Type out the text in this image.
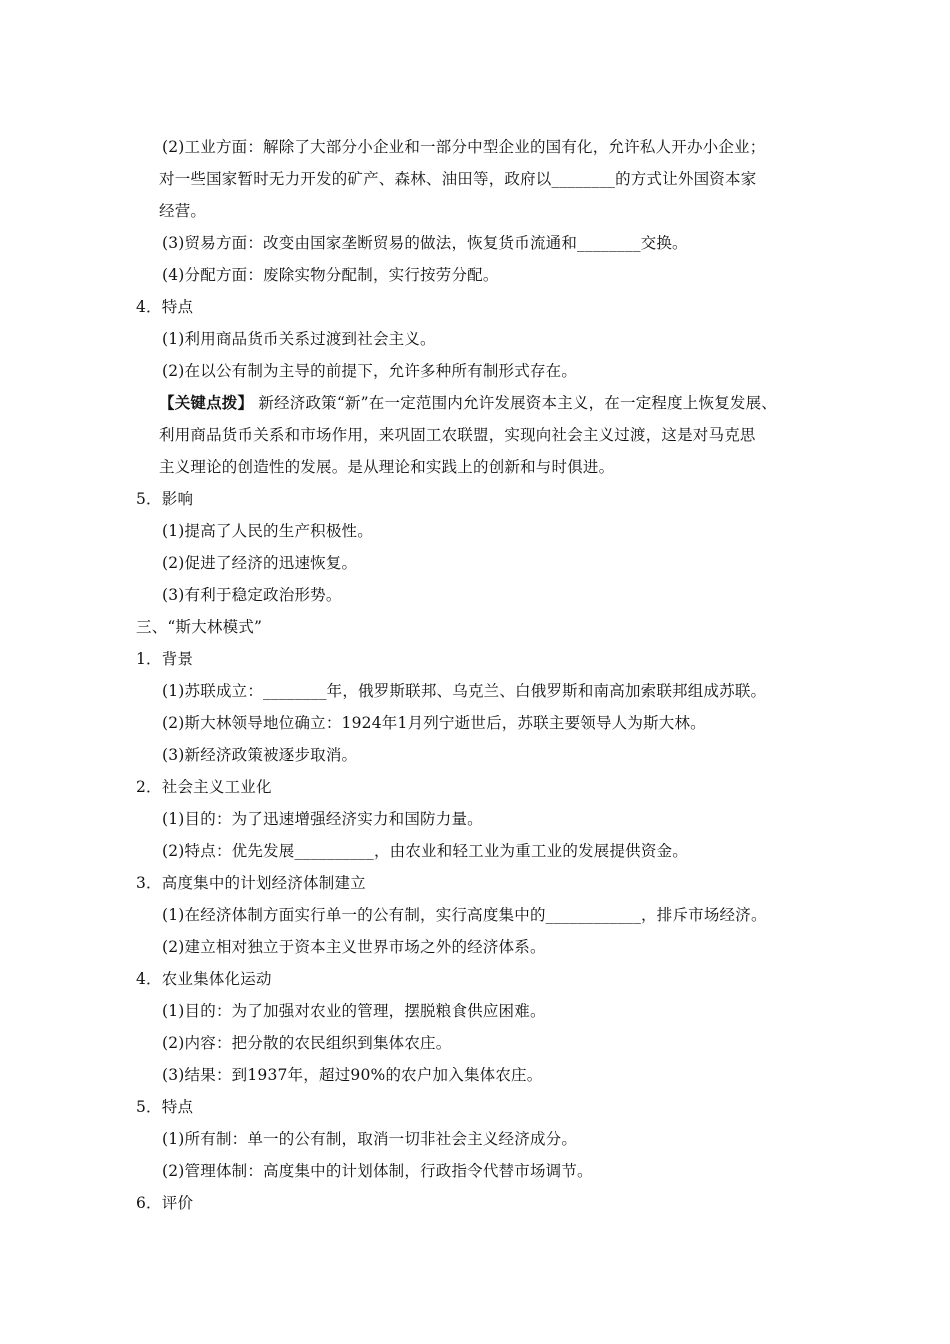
(2)工业方面：解除了大部分小企业和一部分中型企业的国有化，允许私人开办小企业；
对一些国家暂时无力开发的矿产、森林、油田等，政府以________的方式让外国资本家
经营。
(3)贸易方面：改变由国家垄断贸易的做法，恢复货币流通和________交换。
(4)分配方面：废除实物分配制，实行按劳分配。
4．特点
(1)利用商品货币关系过渡到社会主义。
(2)在以公有制为主导的前提下，允许多种所有制形式存在。
【关键点拨】 新经济政策“新”在一定范围内允许发展资本主义，在一定程度上恢复发展、
利用商品货币关系和市场作用，来巩固工农联盟，实现向社会主义过渡，这是对马克思
主义理论的创造性的发展。是从理论和实践上的创新和与时俱进。
5．影响
(1)提高了人民的生产积极性。
(2)促进了经济的迅速恢复。
(3)有利于稳定政治形势。
三、“斯大林模式”
1．背景
(1)苏联成立：________年，俄罗斯联邦、乌克兰、白俄罗斯和南高加索联邦组成苏联。
(2)斯大林领导地位确立：1924年1月列宁逝世后，苏联主要领导人为斯大林。
(3)新经济政策被逐步取消。
2．社会主义工业化
(1)目的：为了迅速增强经济实力和国防力量。
(2)特点：优先发展__________，由农业和轻工业为重工业的发展提供资金。
3．高度集中的计划经济体制建立
(1)在经济体制方面实行单一的公有制，实行高度集中的____________，排斥市场经济。
(2)建立相对独立于资本主义世界市场之外的经济体系。
4．农业集体化运动
(1)目的：为了加强对农业的管理，摆脱粮食供应困难。
(2)内容：把分散的农民组织到集体农庄。
(3)结果：到1937年，超过90%的农户加入集体农庄。
5．特点
(1)所有制：单一的公有制，取消一切非社会主义经济成分。
(2)管理体制：高度集中的计划体制，行政指令代替市场调节。
6．评价
